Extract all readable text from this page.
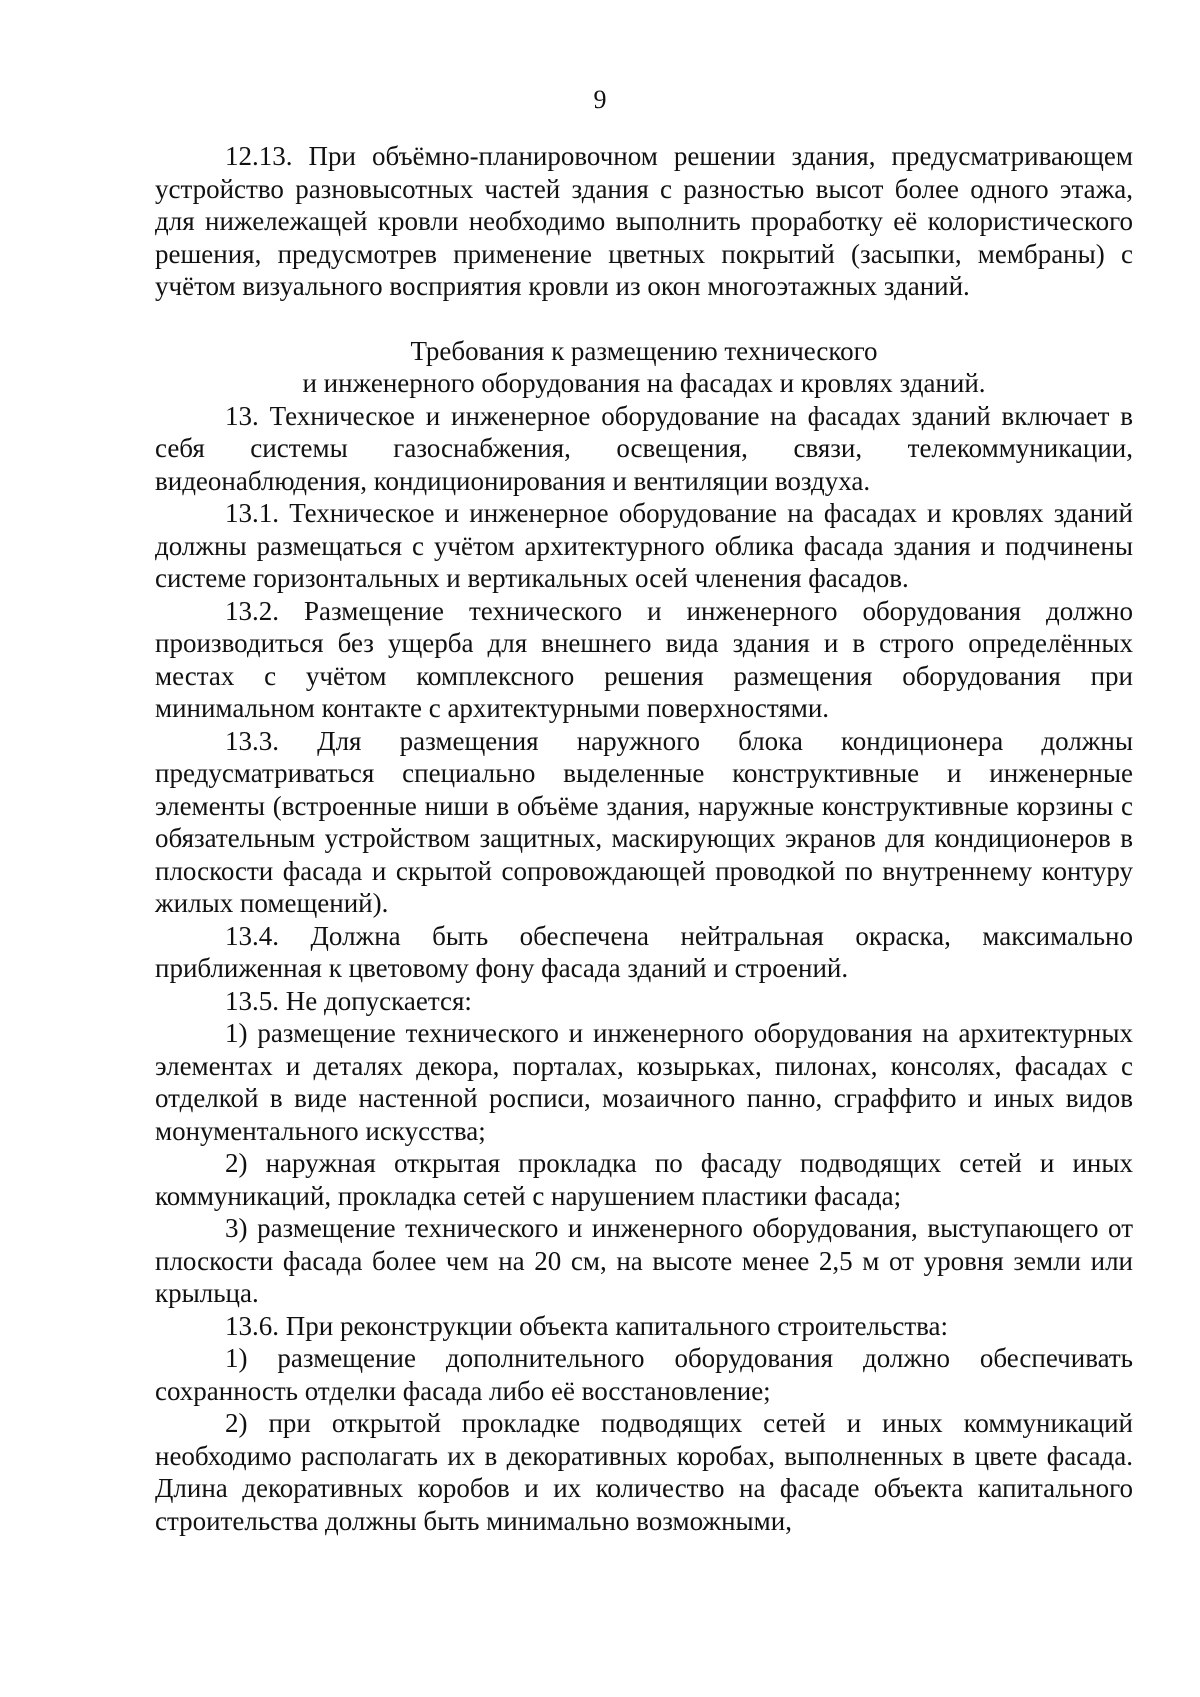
9

12.13. При объёмно-планировочном решении здания, предусматривающем устройство разновысотных частей здания с разностью высот более одного этажа, для нижележащей кровли необходимо выполнить проработку её колористического решения, предусмотрев применение цветных покрытий (засыпки, мембраны) с учётом визуального восприятия кровли из окон многоэтажных зданий.

Требования к размещению технического
и инженерного оборудования на фасадах и кровлях зданий.

13. Техническое и инженерное оборудование на фасадах зданий включает в себя системы газоснабжения, освещения, связи, телекоммуникации, видеонаблюдения, кондиционирования и вентиляции воздуха.

13.1. Техническое и инженерное оборудование на фасадах и кровлях зданий должны размещаться с учётом архитектурного облика фасада здания и подчинены системе горизонтальных и вертикальных осей членения фасадов.

13.2. Размещение технического и инженерного оборудования должно производиться без ущерба для внешнего вида здания и в строго определённых местах с учётом комплексного решения размещения оборудования при минимальном контакте с архитектурными поверхностями.

13.3. Для размещения наружного блока кондиционера должны предусматриваться специально выделенные конструктивные и инженерные элементы (встроенные ниши в объёме здания, наружные конструктивные корзины с обязательным устройством защитных, маскирующих экранов для кондиционеров в плоскости фасада и скрытой сопровождающей проводкой по внутреннему контуру жилых помещений).

13.4. Должна быть обеспечена нейтральная окраска, максимально приближенная к цветовому фону фасада зданий и строений.

13.5. Не допускается:

1) размещение технического и инженерного оборудования на архитектурных элементах и деталях декора, порталах, козырьках, пилонах, консолях, фасадах с отделкой в виде настенной росписи, мозаичного панно, сграффито и иных видов монументального искусства;

2) наружная открытая прокладка по фасаду подводящих сетей и иных коммуникаций, прокладка сетей с нарушением пластики фасада;

3) размещение технического и инженерного оборудования, выступающего от плоскости фасада более чем на 20 см, на высоте менее 2,5 м от уровня земли или крыльца.

13.6. При реконструкции объекта капитального строительства:

1) размещение дополнительного оборудования должно обеспечивать сохранность отделки фасада либо её восстановление;

2) при открытой прокладке подводящих сетей и иных коммуникаций необходимо располагать их в декоративных коробах, выполненных в цвете фасада. Длина декоративных коробов и их количество на фасаде объекта капитального строительства должны быть минимально возможными,
